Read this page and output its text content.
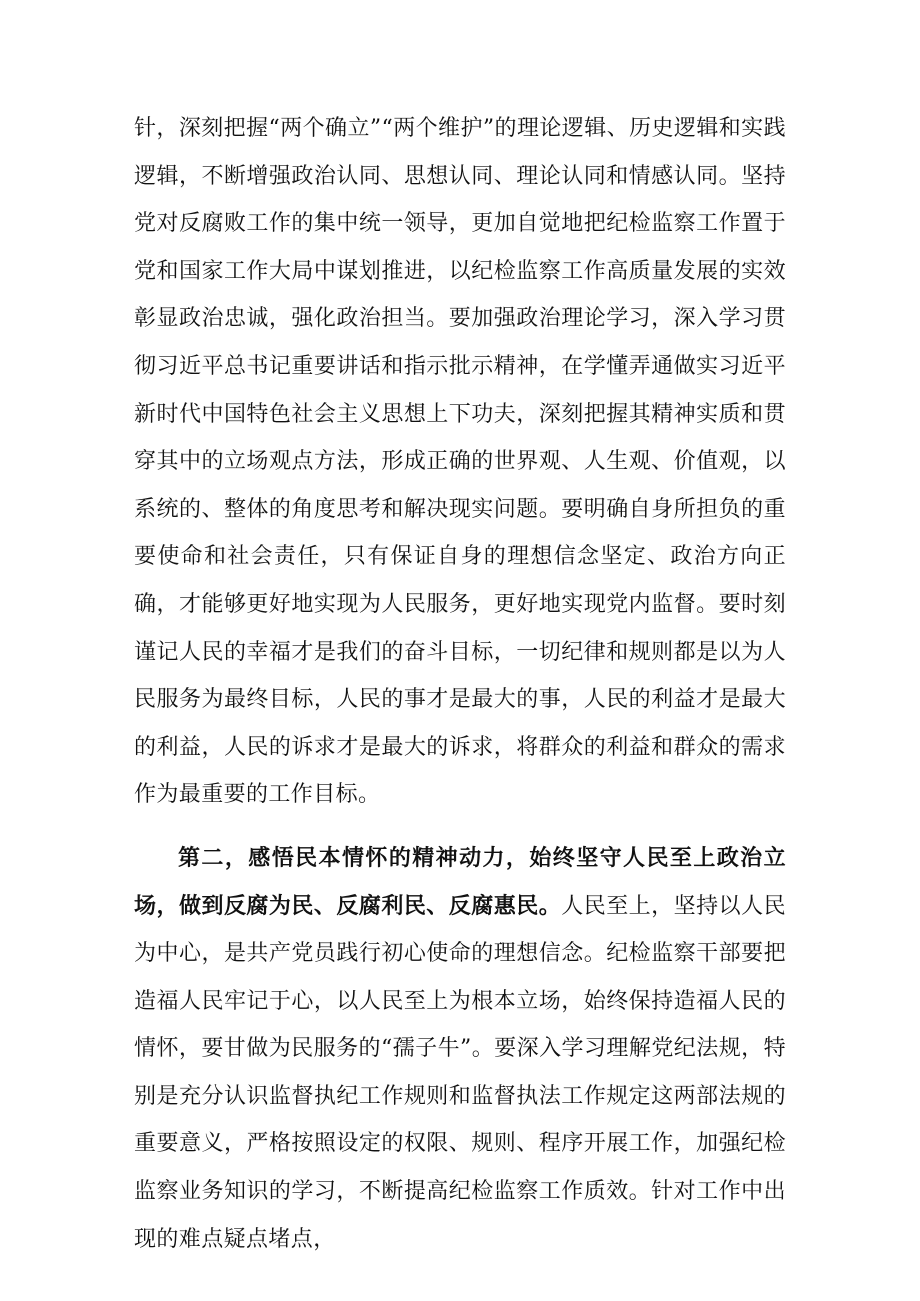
针，深刻把握“两个确立”“两个维护”的理论逻辑、历史逻辑和实践逻辑，不断增强政治认同、思想认同、理论认同和情感认同。坚持党对反腐败工作的集中统一领导，更加自觉地把纪检监察工作置于党和国家工作大局中谋划推进，以纪检监察工作高质量发展的实效彰显政治忠诚，强化政治担当。要加强政治理论学习，深入学习贯彻习近平总书记重要讲话和指示批示精神，在学懂弄通做实习近平新时代中国特色社会主义思想上下功夫，深刻把握其精神实质和贯穿其中的立场观点方法，形成正确的世界观、人生观、价值观，以系统的、整体的角度思考和解决现实问题。要明确自身所担负的重要使命和社会责任，只有保证自身的理想信念坚定、政治方向正确，才能够更好地实现为人民服务，更好地实现党内监督。要时刻谨记人民的幸福才是我们的奋斗目标，一切纪律和规则都是以为人民服务为最终目标，人民的事才是最大的事，人民的利益才是最大的利益，人民的诉求才是最大的诉求，将群众的利益和群众的需求作为最重要的工作目标。

第二，感悟民本情怀的精神动力，始终坚守人民至上政治立场，做到反腐为民、反腐利民、反腐惠民。人民至上，坚持以人民为中心，是共产党员践行初心使命的理想信念。纪检监察干部要把造福人民牢记于心，以人民至上为根本立场，始终保持造福人民的情怀，要甘做为民服务的“孺子牛”。要深入学习理解党纪法规，特别是充分认识监督执纪工作规则和监督执法工作规定这两部法规的重要意义，严格按照设定的权限、规则、程序开展工作，加强纪检监察业务知识的学习，不断提高纪检监察工作质效。针对工作中出现的难点疑点堵点，
